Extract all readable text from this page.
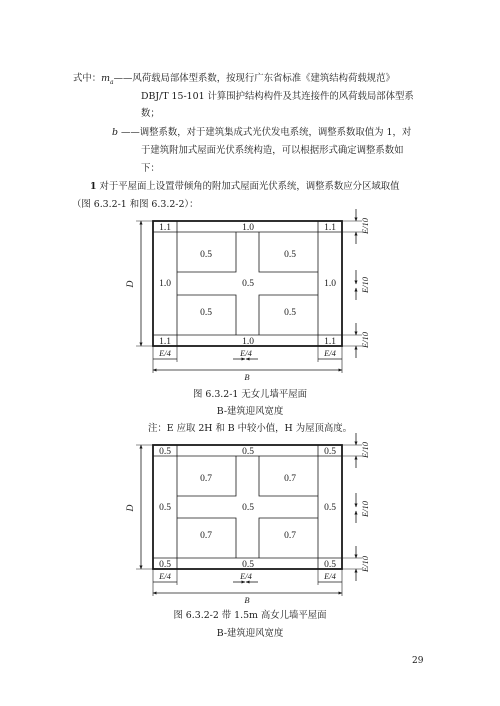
式中：$m_a——$风荷载局部体型系数，按现行广东省标准《建筑结构荷载规范》
DBJ/T 15-101 计算围护结构构件及其连接件的风荷载局部体型系
数；
b ——调整系数，对于建筑集成式光伏发电系统，调整系数取值为 1，对
于建筑附加式屋面光伏系统构造，可以根据形式确定调整系数如
下：
1 对于平屋面上设置带倾角的附加式屋面光伏系统，调整系数应分区域取值
（图 6.3.2-1 和图 6.3.2-2）：
1.1	1.0	1.1
0.5	0.5
1.0	0.5	1.0
0.5	0.5
1.1	1.0	1.1
D
E/4	E/4	E/4
B
E/10
E/10
E/10
0.5	0.5	0.5
0.7	0.7
0.5	0.5	0.5
0.7	0.7
0.5	0.5	0.5
D
E/4	E/4	E/4
B
E/10
E/10
E/10
图 6.3.2-1 无女儿墙平屋面
B-建筑迎风宽度
注：E 应取 2H 和 B 中较小值，H 为屋顶高度。
图 6.3.2-2 带 1.5m 高女儿墙平屋面
B-建筑迎风宽度
29
